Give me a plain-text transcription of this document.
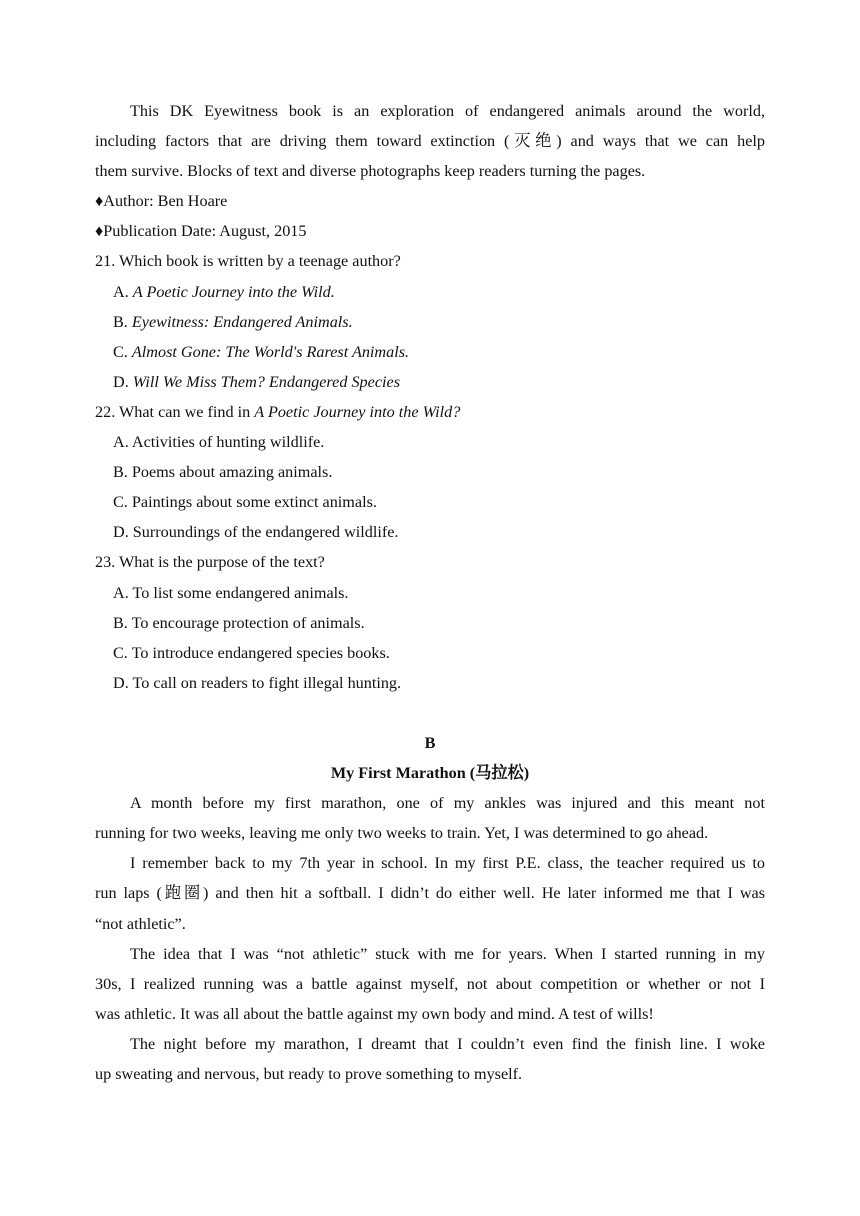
This DK Eyewitness book is an exploration of endangered animals around the world,
including factors that are driving them toward extinction (灭绝) and ways that we can help
them survive. Blocks of text and diverse photographs keep readers turning the pages.
♦Author: Ben Hoare
♦Publication Date: August, 2015
21. Which book is written by a teenage author?
A. A Poetic Journey into the Wild.
B. Eyewitness: Endangered Animals.
C. Almost Gone: The World's Rarest Animals.
D. Will We Miss Them? Endangered Species
22. What can we find in A Poetic Journey into the Wild?
A. Activities of hunting wildlife.
B. Poems about amazing animals.
C. Paintings about some extinct animals.
D. Surroundings of the endangered wildlife.
23. What is the purpose of the text?
A. To list some endangered animals.
B. To encourage protection of animals.
C. To introduce endangered species books.
D. To call on readers to fight illegal hunting.
B
My First Marathon (马拉松)
A month before my first marathon, one of my ankles was injured and this meant not
running for two weeks, leaving me only two weeks to train. Yet, I was determined to go ahead.
I remember back to my 7th year in school. In my first P.E. class, the teacher required us to
run laps (跑圈) and then hit a softball. I didn’t do either well. He later informed me that I was
“not athletic”.
The idea that I was “not athletic” stuck with me for years. When I started running in my
30s, I realized running was a battle against myself, not about competition or whether or not I
was athletic. It was all about the battle against my own body and mind. A test of wills!
The night before my marathon, I dreamt that I couldn’t even find the finish line. I woke
up sweating and nervous, but ready to prove something to myself.
